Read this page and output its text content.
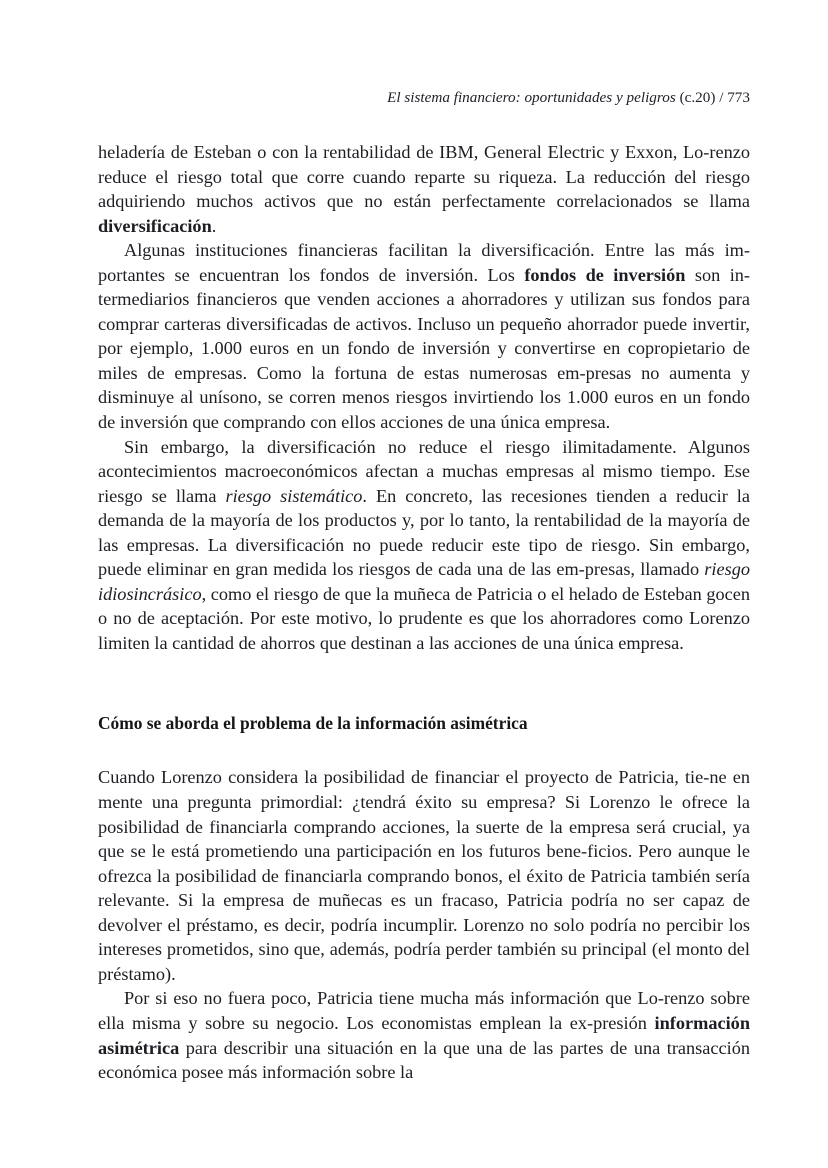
El sistema financiero: oportunidades y peligros (c.20) / 773

heladería de Esteban o con la rentabilidad de IBM, General Electric y Exxon, Lo-renzo reduce el riesgo total que corre cuando reparte su riqueza. La reducción del riesgo adquiriendo muchos activos que no están perfectamente correlacionados se llama diversificación.

Algunas instituciones financieras facilitan la diversificación. Entre las más im-portantes se encuentran los fondos de inversión. Los fondos de inversión son in-termediarios financieros que venden acciones a ahorradores y utilizan sus fondos para comprar carteras diversificadas de activos. Incluso un pequeño ahorrador puede invertir, por ejemplo, 1.000 euros en un fondo de inversión y convertirse en copropietario de miles de empresas. Como la fortuna de estas numerosas em-presas no aumenta y disminuye al unísono, se corren menos riesgos invirtiendo los 1.000 euros en un fondo de inversión que comprando con ellos acciones de una única empresa.

Sin embargo, la diversificación no reduce el riesgo ilimitadamente. Algunos acontecimientos macroeconómicos afectan a muchas empresas al mismo tiempo. Ese riesgo se llama riesgo sistemático. En concreto, las recesiones tienden a reducir la demanda de la mayoría de los productos y, por lo tanto, la rentabilidad de la mayoría de las empresas. La diversificación no puede reducir este tipo de riesgo. Sin embargo, puede eliminar en gran medida los riesgos de cada una de las em-presas, llamado riesgo idiosincrásico, como el riesgo de que la muñeca de Patricia o el helado de Esteban gocen o no de aceptación. Por este motivo, lo prudente es que los ahorradores como Lorenzo limiten la cantidad de ahorros que destinan a las acciones de una única empresa.

Cómo se aborda el problema de la información asimétrica

Cuando Lorenzo considera la posibilidad de financiar el proyecto de Patricia, tie-ne en mente una pregunta primordial: ¿tendrá éxito su empresa? Si Lorenzo le ofrece la posibilidad de financiarla comprando acciones, la suerte de la empresa será crucial, ya que se le está prometiendo una participación en los futuros bene-ficios. Pero aunque le ofrezca la posibilidad de financiarla comprando bonos, el éxito de Patricia también sería relevante. Si la empresa de muñecas es un fracaso, Patricia podría no ser capaz de devolver el préstamo, es decir, podría incumplir. Lorenzo no solo podría no percibir los intereses prometidos, sino que, además, podría perder también su principal (el monto del préstamo).

Por si eso no fuera poco, Patricia tiene mucha más información que Lo-renzo sobre ella misma y sobre su negocio. Los economistas emplean la ex-presión información asimétrica para describir una situación en la que una de las partes de una transacción económica posee más información sobre la
